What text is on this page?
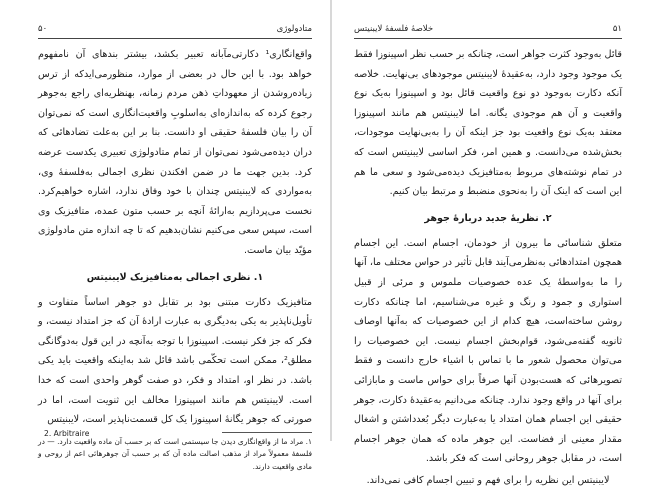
۵۰	متادولوژی

واقع‌انگاری¹ دکارتی‌مآبانه تعبیر بکشد، بیشتر بندهای آن نامفهوم خواهد بود. با این حال در بعضی از موارد، منظورمی‌ایدکه از ترس زیاده‌روشدن از معهوداتِ ذهن مردم زمانه، بهنظریه‌ای راجع به‌جوهر رجوع کرده که به‌اندازه‌ای به‌اسلوبِ واقعیت‌انگاری است که نمی‌توان آن را بیان فلسفهٔ حقیقی او دانست. بنا بر این به‌علت تضادهائی که دران دیده‌می‌شود نمی‌توان از تمام متادولوژی تعبیری یکدست عرضه کرد. بدین جهت ما در ضمن افکندن نظری اجمالی به‌فلسفهٔ وی، به‌مواردی که لایبنیتس چندان با خود وفاق ندارد، اشاره خواهیم‌کرد. نخست می‌پردازیم به‌ارائهٔ آنچه بر حسب متون عمده، متافیزیک وی است، سپس سعی می‌کنیم نشان‌بدهیم که تا چه اندازه متن مادولوژی مؤیّد بیان ماست.

۱. نظری اجمالی به‌متافیزیک لایبنیتس

متافیزیک دکارت مبتنی بود بر تقابل دو جوهر اساساً متفاوت و تأویل‌ناپذیر به یکی به‌دیگری به عبارت ارادهٔ آن که جز امتداد نیست، و فکر که جز فکر نیست. اسپینوزا با توجه به‌آنچه در این قول به‌دوگانگی مطلق²، ممکن است تحکّمی باشد قائل شد به‌اینکه واقعیت باید یکی باشد. در نظر او، امتداد و فکر، دو صفت گوهر واحدی است که خدا است. لایبنیتس هم مانند اسپینوزا مخالف این ثنویت است، اما در صورتی که جوهر یگانهٔ اسپینوزا یک کل قسمت‌ناپذیر است، لایبنیتس

۱. مراد ما از واقع‌انگاری دیدن جا سیستمی است که بر حسب آن ماده واقعیت دارد. — در فلسفهٔ معمولاً مراد از مذهب اصالت ماده آن که بر حسب آن جوهرهائی اعم از روحی و مادی واقعیت دارند.

2. Arbitraire
۵۱
خلاصهٔ فلسفهٔ لایبنیتس

قائل به‌وجود کثرت جواهر است، چنانکه بر حسب نظر اسپینوزا فقط یک موجود وجود دارد، به‌عقیدهٔ لایبنیتس موجودهای بی‌نهایت. خلاصه آنکه دکارت به‌وجود دو نوع واقعیت قائل بود و اسپینوزا به‌یک نوع واقعیت و آن هم موجودی یگانه. اما لایبنیتس هم مانند اسپینوزا معتقد به‌یک نوع واقعیت بود جز اینکه آن را به‌بی‌نهایت موجودات، بخش‌شده می‌دانست. و همین امر، فکر اساسی لایبنیتس است که در تمام نوشته‌های مربوط به‌متافیزیک دیده‌می‌شود و سعی ما هم این است که اینک آن را به‌نحوی منضبط و مرتبط بیان کنیم.

۲. نظریهٔ جدید دربارهٔ جوهر

متعلق شناسائی ما بیرون از خودمان، اجسام است. این اجسام همچون امتدادهائی به‌نظرمی‌آیند قابل تأثیر در حواس مختلف ما، آنها را ما به‌واسطهٔ یک عده خصوصیات ملموس و مرئی از قبیل استواری و جمود و رنگ و غیره می‌شناسیم، اما چنانکه دکارت روشن ساخته‌است، هیچ کدام از این خصوصیات که به‌آنها اوصاف ثانویه گفته‌می‌شود، قوام‌بخش اجسام نیست. این خصوصیات را می‌توان محصول شعور ما با تماس با اشیاء خارج دانست و فقط تصویرهائی که هست‌بودن آنها صرفاً برای حواس ماست و مابازائی برای آنها در واقع وجود ندارد. چنانکه می‌دانیم به‌عقیدهٔ دکارت، جوهر حقیقی این اجسام همان امتداد یا به‌عبارت دیگر بُعدداشتن و اشغال مقدار معینی از فضاست. این جوهر ماده که همان جوهر اجسام است، در مقابل جوهر روحانی است که فکر باشد.

لایبنیتس این نظریه را برای فهم و تبیین اجسام کافی نمی‌داند.
